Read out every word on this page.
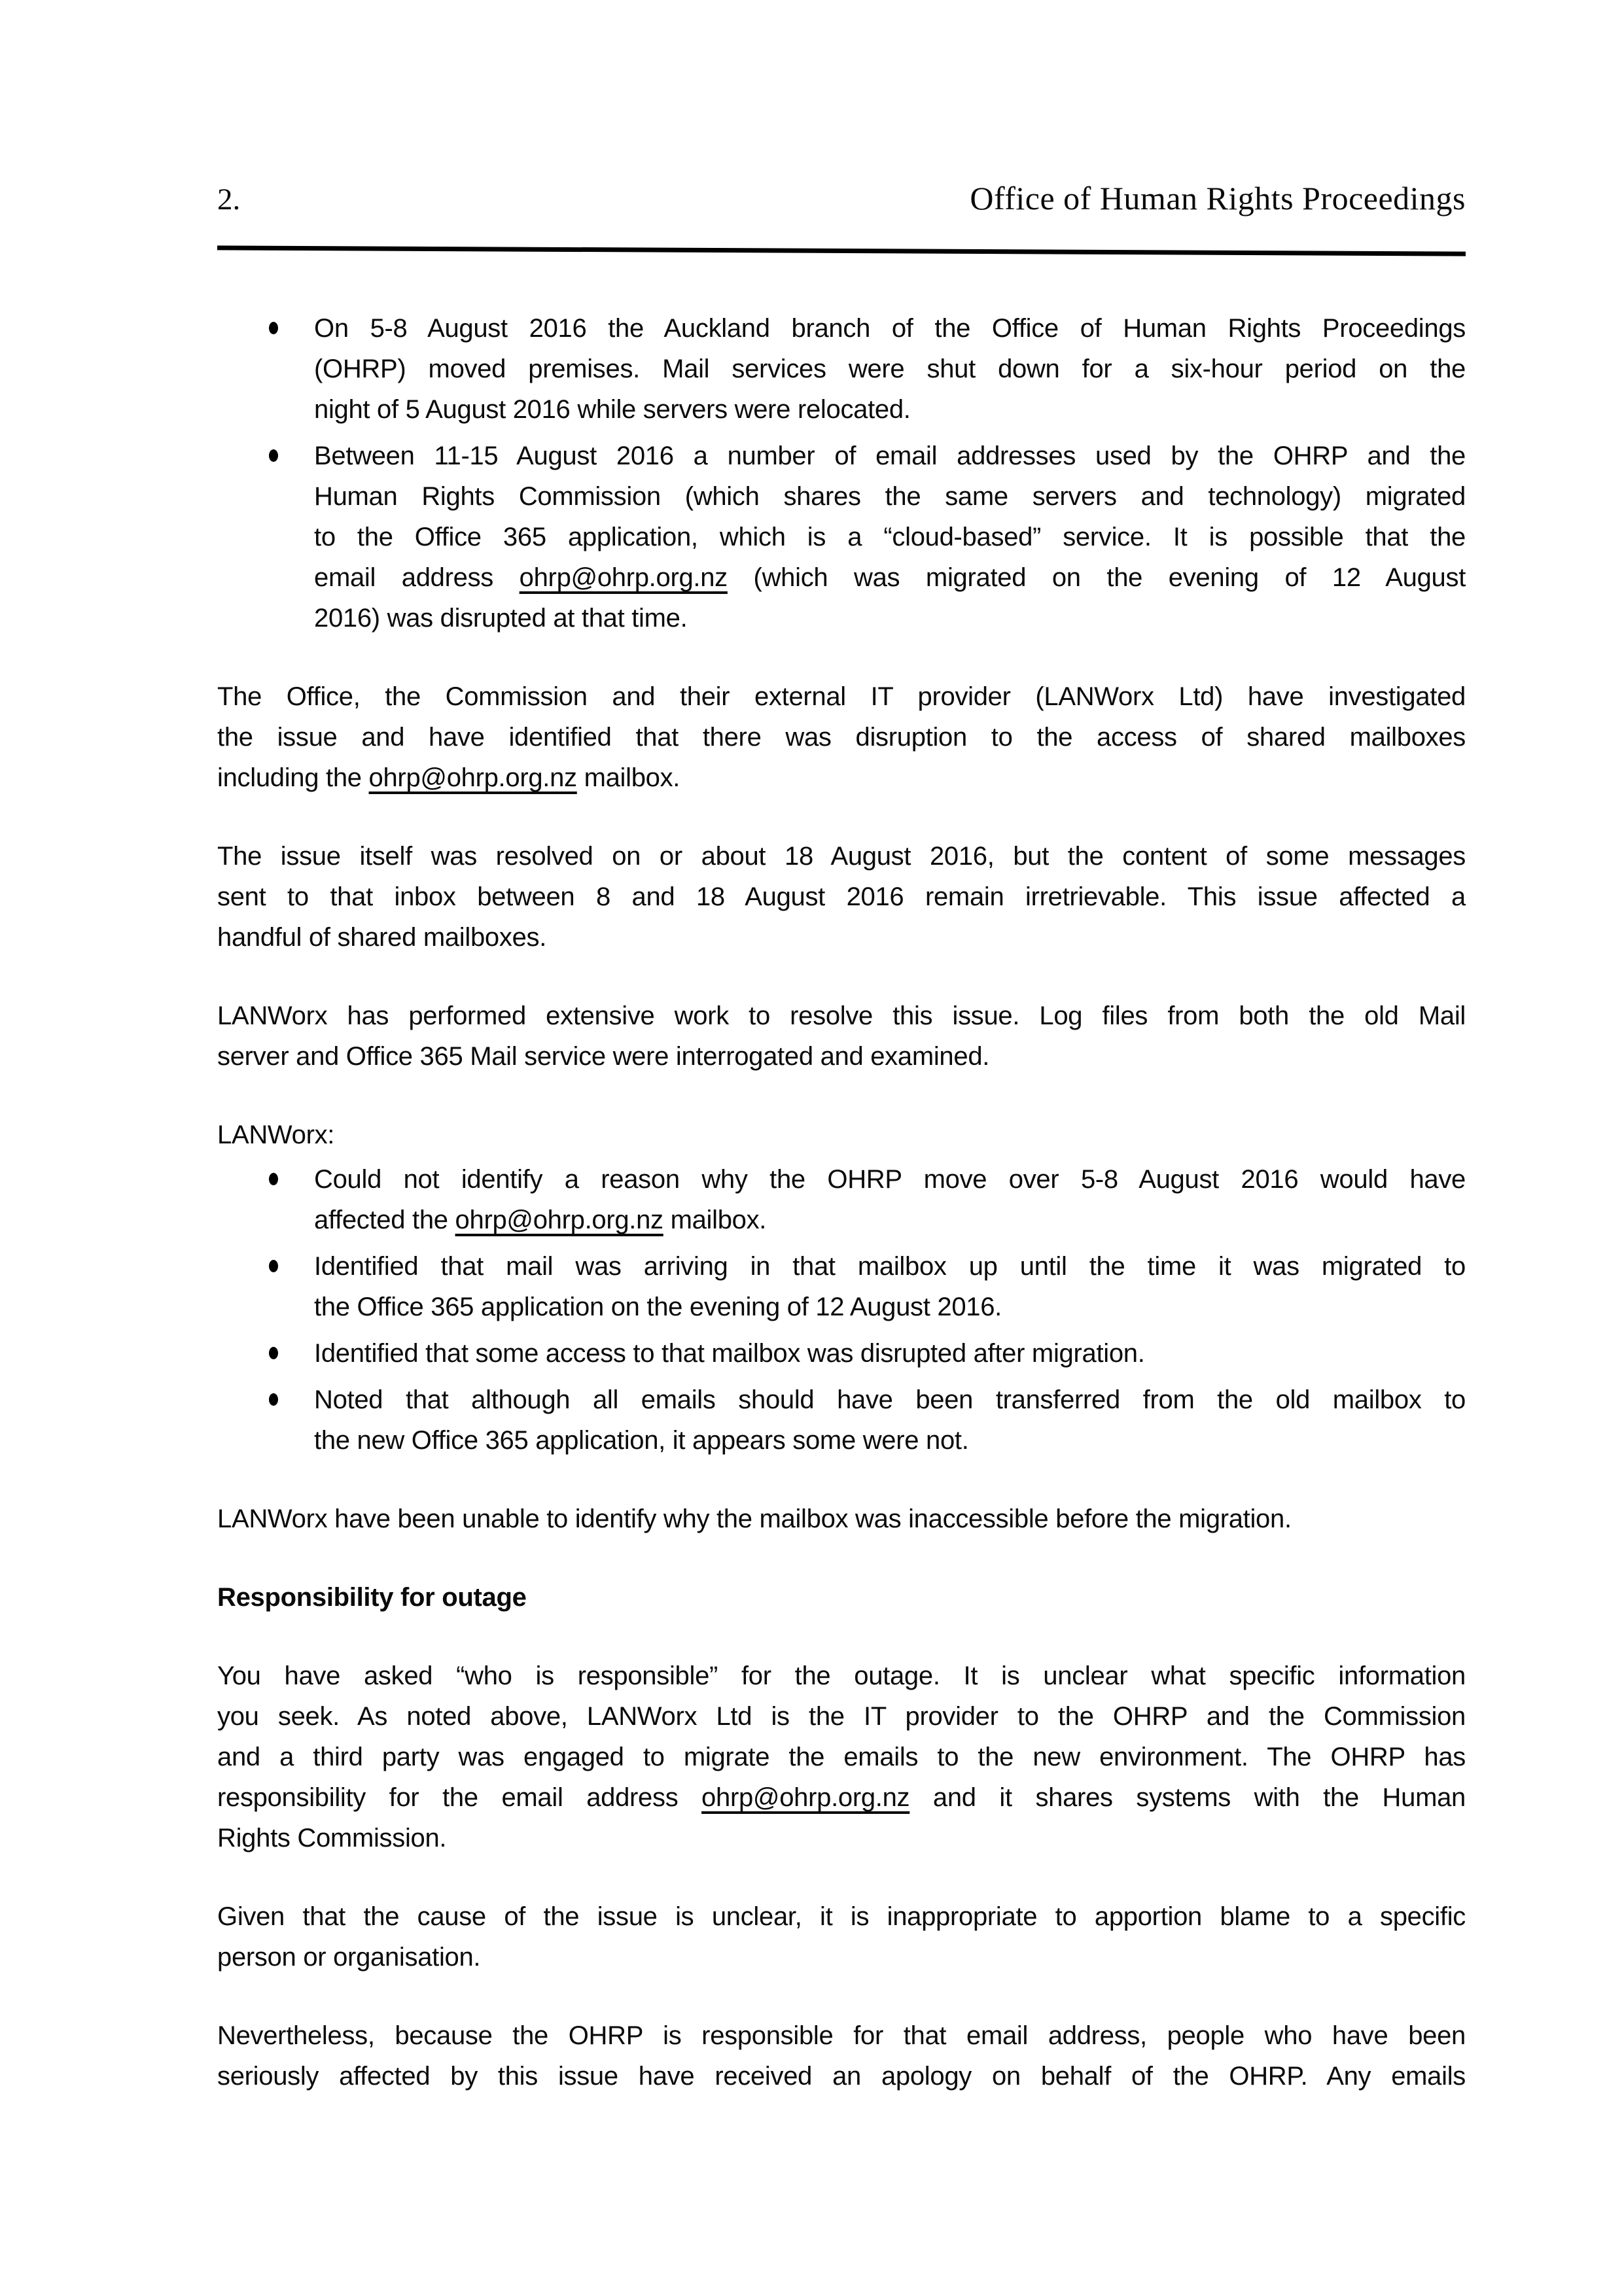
2.	Office of Human Rights Proceedings
On 5-8 August 2016 the Auckland branch of the Office of Human Rights Proceedings
(OHRP) moved premises. Mail services were shut down for a six-hour period on the
night of 5 August 2016 while servers were relocated.
Between 11-15 August 2016 a number of email addresses used by the OHRP and the
Human Rights Commission (which shares the same servers and technology) migrated
to the Office 365 application, which is a “cloud-based” service. It is possible that the
email address ohrp@ohrp.org.nz (which was migrated on the evening of 12 August
2016) was disrupted at that time.
The Office, the Commission and their external IT provider (LANWorx Ltd) have investigated
the issue and have identified that there was disruption to the access of shared mailboxes
including the ohrp@ohrp.org.nz mailbox.
The issue itself was resolved on or about 18 August 2016, but the content of some messages
sent to that inbox between 8 and 18 August 2016 remain irretrievable. This issue affected a
handful of shared mailboxes.
LANWorx has performed extensive work to resolve this issue. Log files from both the old Mail
server and Office 365 Mail service were interrogated and examined.
LANWorx:
Could not identify a reason why the OHRP move over 5-8 August 2016 would have
affected the ohrp@ohrp.org.nz mailbox.
Identified that mail was arriving in that mailbox up until the time it was migrated to
the Office 365 application on the evening of 12 August 2016.
Identified that some access to that mailbox was disrupted after migration.
Noted that although all emails should have been transferred from the old mailbox to
the new Office 365 application, it appears some were not.
LANWorx have been unable to identify why the mailbox was inaccessible before the migration.
Responsibility for outage
You have asked “who is responsible” for the outage. It is unclear what specific information
you seek. As noted above, LANWorx Ltd is the IT provider to the OHRP and the Commission
and a third party was engaged to migrate the emails to the new environment. The OHRP has
responsibility for the email address ohrp@ohrp.org.nz and it shares systems with the Human
Rights Commission.
Given that the cause of the issue is unclear, it is inappropriate to apportion blame to a specific
person or organisation.
Nevertheless, because the OHRP is responsible for that email address, people who have been
seriously affected by this issue have received an apology on behalf of the OHRP. Any emails
